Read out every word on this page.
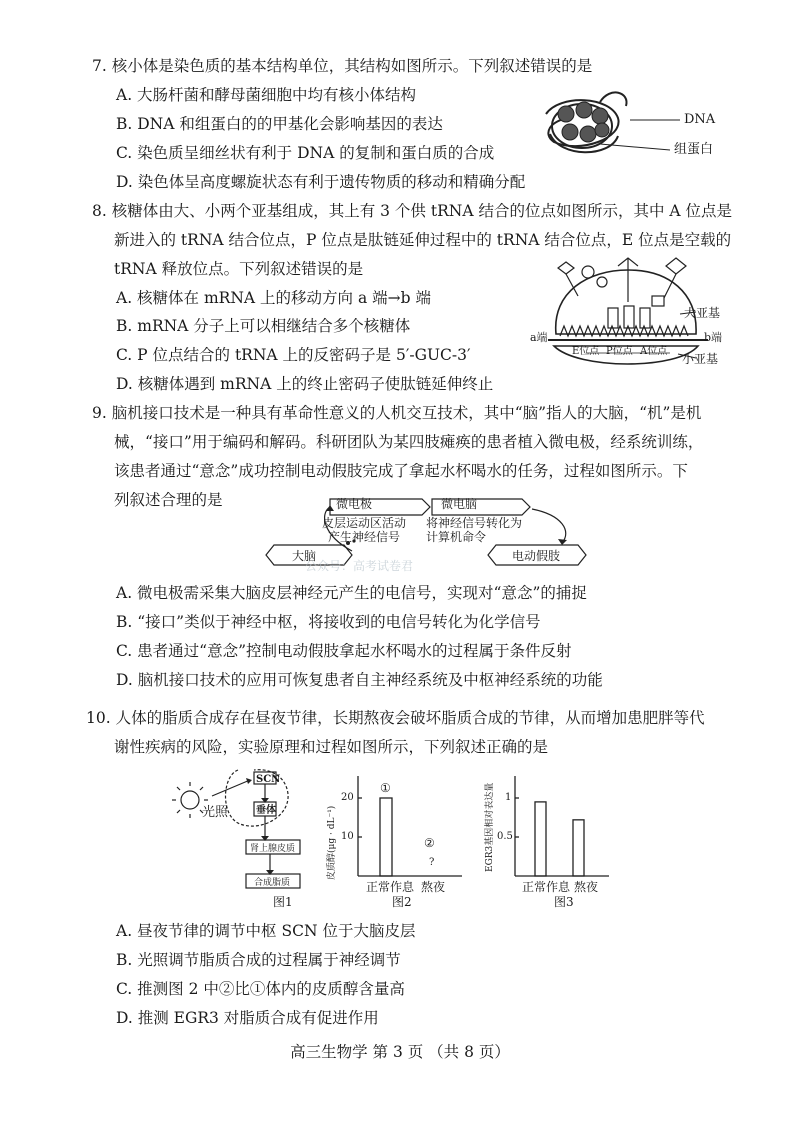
7. 核小体是染色质的基本结构单位，其结构如图所示。下列叙述错误的是
A. 大肠杆菌和酵母菌细胞中均有核小体结构
B. DNA 和组蛋白的的甲基化会影响基因的表达
C. 染色质呈细丝状有利于 DNA 的复制和蛋白质的合成
D. 染色体呈高度螺旋状态有利于遗传物质的移动和精确分配
DNA
组蛋白
8. 核糖体由大、小两个亚基组成，其上有 3 个供 tRNA 结合的位点如图所示，其中 A 位点是
新进入的 tRNA 结合位点，P 位点是肽链延伸过程中的 tRNA 结合位点，E 位点是空载的
tRNA 释放位点。下列叙述错误的是
A. 核糖体在 mRNA 上的移动方向 a 端→b 端
B. mRNA 分子上可以相继结合多个核糖体
C. P 位点结合的 tRNA 上的反密码子是 5′-GUC-3′
D. 核糖体遇到 mRNA 上的终止密码子使肽链延伸终止
大亚基
小亚基
a端	b端
E位点 P位点 A位点
9. 脑机接口技术是一种具有革命性意义的人机交互技术，其中“脑”指人的大脑，“机”是机
械，“接口”用于编码和解码。科研团队为某四肢瘫痪的患者植入微电极，经系统训练，
该患者通过“意念”成功控制电动假肢完成了拿起水杯喝水的任务，过程如图所示。下
列叙述合理的是	微电极	微电脑
大脑	电动假肢
皮层运动区活动
产生神经信号
将神经信号转化为
计算机命令
公众号：高考试卷君
A. 微电极需采集大脑皮层神经元产生的电信号，实现对“意念”的捕捉
B. “接口”类似于神经中枢，将接收到的电信号转化为化学信号
C. 患者通过“意念”控制电动假肢拿起水杯喝水的过程属于条件反射
D. 脑机接口技术的应用可恢复患者自主神经系统及中枢神经系统的功能
10. 人体的脂质合成存在昼夜节律，长期熬夜会破坏脂质合成的节律，从而增加患肥胖等代
谢性疾病的风险，实验原理和过程如图所示，下列叙述正确的是
光照
SCN
垂体
肾上腺皮质
合成脂质
图1
皮质醇(μg · dL⁻¹)
20
10
①
②
?
正常作息 熬夜
图2
EGR3基因相对表达量 1
0.5
正常作息 熬夜
图3
A. 昼夜节律的调节中枢 SCN 位于大脑皮层
B. 光照调节脂质合成的过程属于神经调节
C. 推测图 2 中②比①体内的皮质醇含量高
D. 推测 EGR3 对脂质合成有促进作用
高三生物学 第 3 页 （共 8 页）
